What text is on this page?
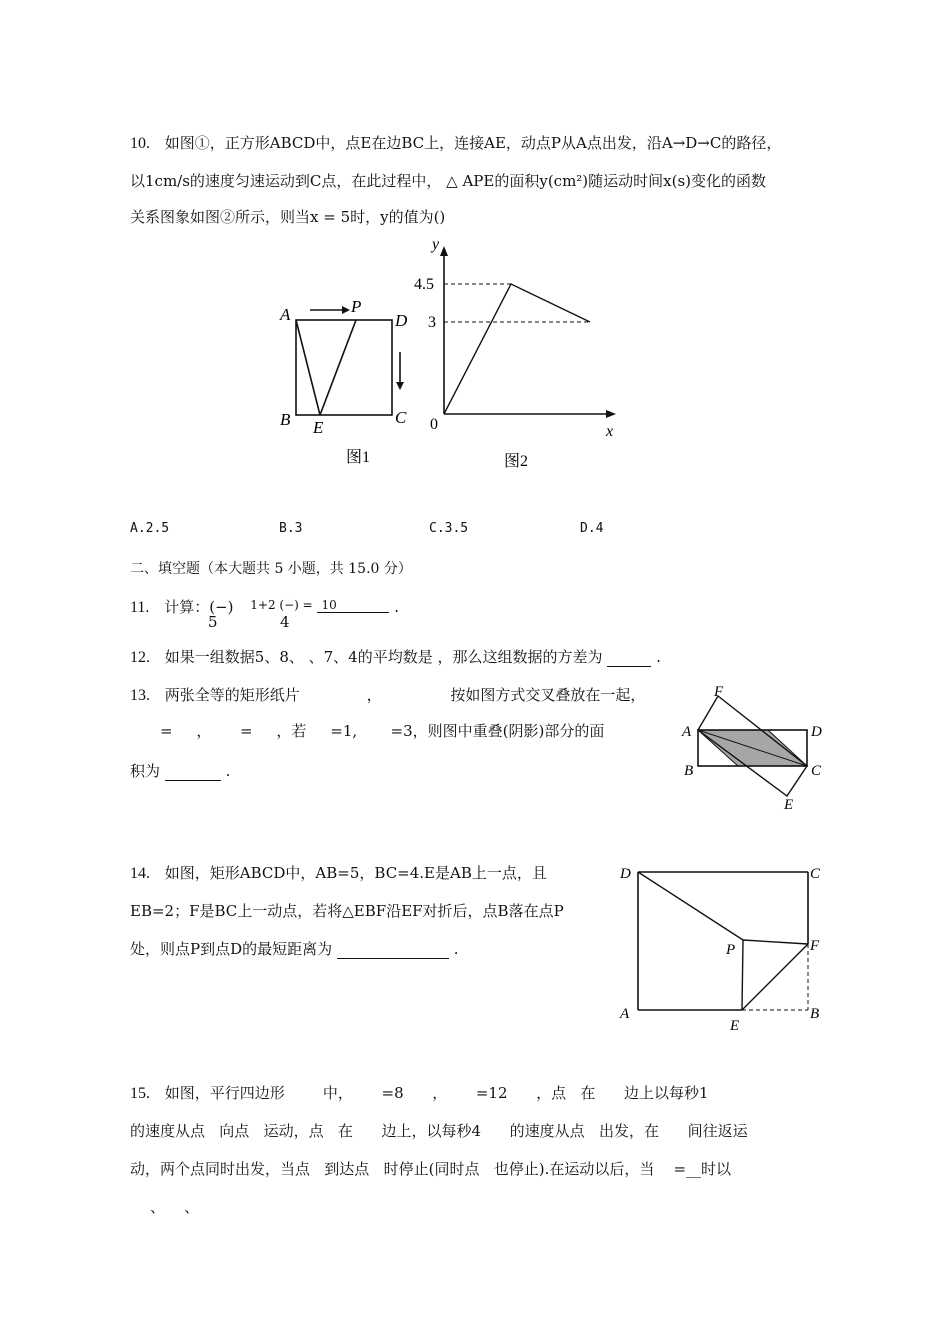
10. 如图①，正方形ABCD中，点E在边BC上，连接AE，动点P从A点出发，沿A→D→C的路径，
以1cm/s的速度匀速运动到C点，在此过程中， △ APE的面积y(cm²)随运动时间x(s)变化的函数
关系图象如图②所示，则当x = 5时，y的值为()
A	P
D
B E
C
图1
y
x
0
4.5
3
图2
A.2.5	B.3	C.3.5	D.4
二、填空题（本大题共 5 小题，共 15.0 分）
11. 计算：(−) $^{1+2 (-) =}$ 10	.
5	4
12. 如果一组数据5、8、 、7、4的平均数是 ，那么这组数据的方差为	.
13. 两张全等的矩形纸片	，	按如图方式交叉叠放在一起，
=     ，      =     ，若     =1,       =3，则图中重叠(阴影)部分的面
积为	.
F
A	D
B	C
E
14. 如图，矩形ABCD中，AB=5，BC=4.E是AB上一点，且
EB=2；F是BC上一动点，若将△EBF沿EF对折后，点B落在点P
处，则点P到点D的最短距离为	.
D	C
P	F
A
E
B
15. 如图，平行四边形        中，      =8      ，      =12      ，点   在      边上以每秒1
的速度从点   向点   运动，点   在      边上，以每秒4      的速度从点   出发，在      间往返运
动，两个点同时出发，当点   到达点   时停止(同时点   也停止).在运动以后，当    =__时以
、    、
